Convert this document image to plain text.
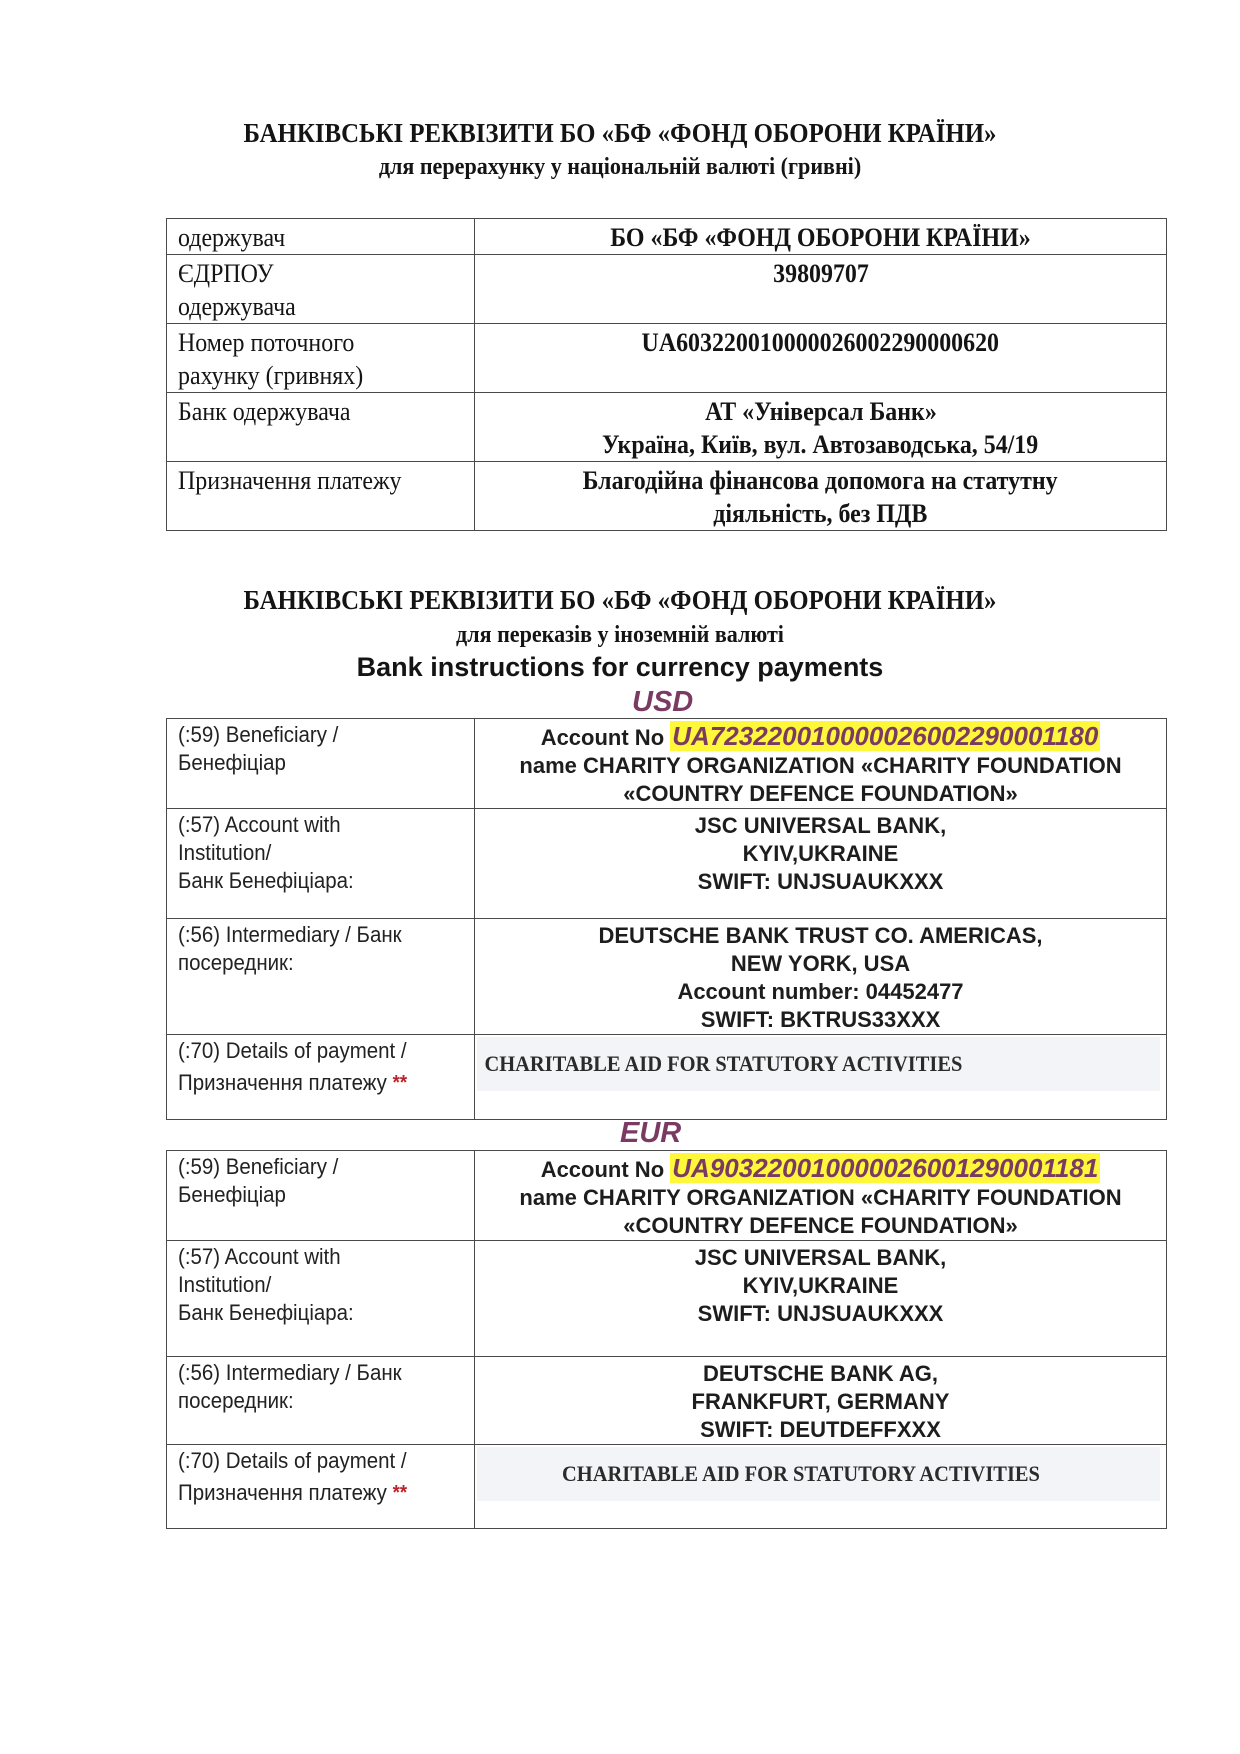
БАНКІВСЬКІ РЕКВІЗИТИ БО «БФ «ФОНД ОБОРОНИ КРАЇНИ»
для перерахунку у національній валюті (гривні)
одержувач	БО «БФ «ФОНД ОБОРОНИ КРАЇНИ»
ЄДРПОУ
одержувача	39809707
Номер поточного
рахунку (гривнях)	UA603220010000026002290000620
Банк одержувача	АТ «Універсал Банк»
Україна, Київ, вул. Автозаводська, 54/19
Призначення платежу	Благодійна фінансова допомога на статутну
діяльність, без ПДВ
БАНКІВСЬКІ РЕКВІЗИТИ БО «БФ «ФОНД ОБОРОНИ КРАЇНИ»
для переказів у іноземній валюті
Bank instructions for currency payments
USD
(:59) Beneficiary /
Бенефіціар	Account No UA723220010000026002290001180
name CHARITY ORGANIZATION «CHARITY FOUNDATION
«COUNTRY DEFENCE FOUNDATION»

(:57) Account with
Institution/
Банк Бенефіціара:	JSC UNIVERSAL BANK,
KYIV,UKRAINE
SWIFT: UNJSUAUKXXX

(:56) Intermediary / Банк
посередник:	DEUTSCHE BANK TRUST CO. AMERICAS,
NEW YORK, USA
Account number: 04452477
SWIFT: BKTRUS33XXX

(:70) Details of payment /
Призначення платежу **	CHARITABLE AID FOR STATUTORY ACTIVITIES
EUR
(:59) Beneficiary /
Бенефіціар	Account No UA903220010000026001290001181
name CHARITY ORGANIZATION «CHARITY FOUNDATION
«COUNTRY DEFENCE FOUNDATION»

(:57) Account with
Institution/
Банк Бенефіціара:	JSC UNIVERSAL BANK,
KYIV,UKRAINE
SWIFT: UNJSUAUKXXX

(:56) Intermediary / Банк
посередник:	DEUTSCHE BANK AG,
FRANKFURT, GERMANY
SWIFT: DEUTDEFFXXX

(:70) Details of payment /
Призначення платежу **	CHARITABLE AID FOR STATUTORY ACTIVITIES
